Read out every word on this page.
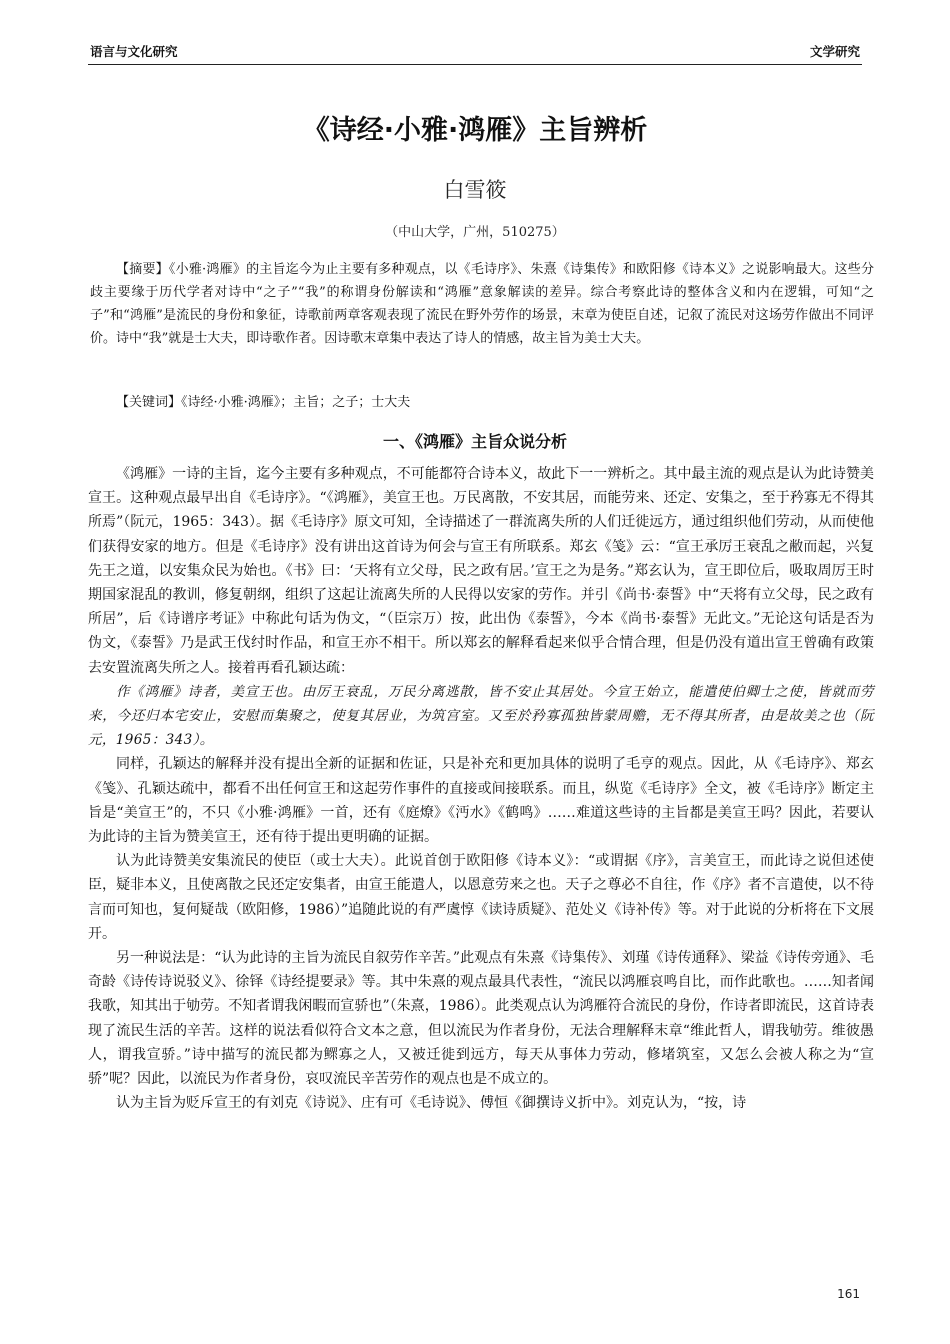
语言与文化研究	文学研究
《诗经·小雅·鸿雁》主旨辨析
白雪筱
（中山大学，广州，510275）
【摘要】《小雅·鸿雁》的主旨迄今为止主要有多种观点，以《毛诗序》、朱熹《诗集传》和欧阳修《诗本义》之说影响最大。这些分歧主要缘于历代学者对诗中“之子”“我”的称谓身份解读和“鸿雁”意象解读的差异。综合考察此诗的整体含义和内在逻辑，可知“之子”和“鸿雁”是流民的身份和象征，诗歌前两章客观表现了流民在野外劳作的场景，末章为使臣自述，记叙了流民对这场劳作做出不同评价。诗中“我”就是士大夫，即诗歌作者。因诗歌末章集中表达了诗人的情感，故主旨为美士大夫。
【关键词】《诗经·小雅·鸿雁》；主旨；之子；士大夫
一、《鸿雁》主旨众说分析

《鸿雁》一诗的主旨，迄今主要有多种观点，不可能都符合诗本义，故此下一一辨析之。其中最主流的观点是认为此诗赞美宣王。这种观点最早出自《毛诗序》。“《鸿雁》，美宣王也。万民离散，不安其居，而能劳来、还定、安集之，至于矜寡无不得其所焉”（阮元，1965：343）。据《毛诗序》原文可知，全诗描述了一群流离失所的人们迁徙远方，通过组织他们劳动，从而使他们获得安家的地方。但是《毛诗序》没有讲出这首诗为何会与宣王有所联系。郑玄《笺》云：“宣王承厉王衰乱之敝而起，兴复先王之道，以安集众民为始也。《书》曰：‘天将有立父母，民之政有居。’宣王之为是务。”郑玄认为，宣王即位后，吸取周厉王时期国家混乱的教训，修复朝纲，组织了这起让流离失所的人民得以安家的劳作。并引《尚书·泰誓》中“天将有立父母，民之政有所居”，后《诗谱序考证》中称此句话为伪文，“（臣宗万）按，此出伪《泰誓》，今本《尚书·泰誓》无此文。”无论这句话是否为伪文，《泰誓》乃是武王伐纣时作品，和宣王亦不相干。所以郑玄的解释看起来似乎合情合理，但是仍没有道出宣王曾确有政策去安置流离失所之人。接着再看孔颖达疏：

作《鸿雁》诗者，美宣王也。由厉王衰乱，万民分离逃散，皆不安止其居处。今宣王始立，能遣使伯卿士之使，皆就而劳来，今还归本宅安止，安慰而集聚之，使复其居业，为筑宫室。又至於矜寡孤独皆蒙周赡，无不得其所者，由是故美之也（阮元，1965：343）。

同样，孔颖达的解释并没有提出全新的证据和佐证，只是补充和更加具体的说明了毛亨的观点。因此，从《毛诗序》、郑玄《笺》、孔颖达疏中，都看不出任何宣王和这起劳作事件的直接或间接联系。而且，纵览《毛诗序》全文，被《毛诗序》断定主旨是“美宣王”的，不只《小雅·鸿雁》一首，还有《庭燎》《沔水》《鹤鸣》……难道这些诗的主旨都是美宣王吗？因此，若要认为此诗的主旨为赞美宣王，还有待于提出更明确的证据。

认为此诗赞美安集流民的使臣（或士大夫）。此说首创于欧阳修《诗本义》：“或谓据《序》，言美宣王，而此诗之说但述使臣，疑非本义，且使离散之民还定安集者，由宣王能遣人，以恩意劳来之也。天子之尊必不自往，作《序》者不言遣使，以不待言而可知也，复何疑哉（欧阳修，1986）”追随此说的有严虞惇《读诗质疑》、范处义《诗补传》等。对于此说的分析将在下文展开。

另一种说法是：“认为此诗的主旨为流民自叙劳作辛苦。”此观点有朱熹《诗集传》、刘瑾《诗传通释》、梁益《诗传旁通》、毛奇龄《诗传诗说驳义》、徐铎《诗经提要录》等。其中朱熹的观点最具代表性，“流民以鸿雁哀鸣自比，而作此歌也。……知者闻我歌，知其出于劬劳。不知者谓我闲暇而宣骄也”（朱熹，1986）。此类观点认为鸿雁符合流民的身份，作诗者即流民，这首诗表现了流民生活的辛苦。这样的说法看似符合文本之意，但以流民为作者身份，无法合理解释末章“维此哲人，谓我劬劳。维彼愚人，谓我宣骄。”诗中描写的流民都为鳏寡之人，又被迁徙到远方，每天从事体力劳动，修堵筑室，又怎么会被人称之为“宣骄”呢？因此，以流民为作者身份，哀叹流民辛苦劳作的观点也是不成立的。

认为主旨为贬斥宣王的有刘克《诗说》、庄有可《毛诗说》、傅恒《御撰诗义折中》。刘克认为，“按，诗

161
